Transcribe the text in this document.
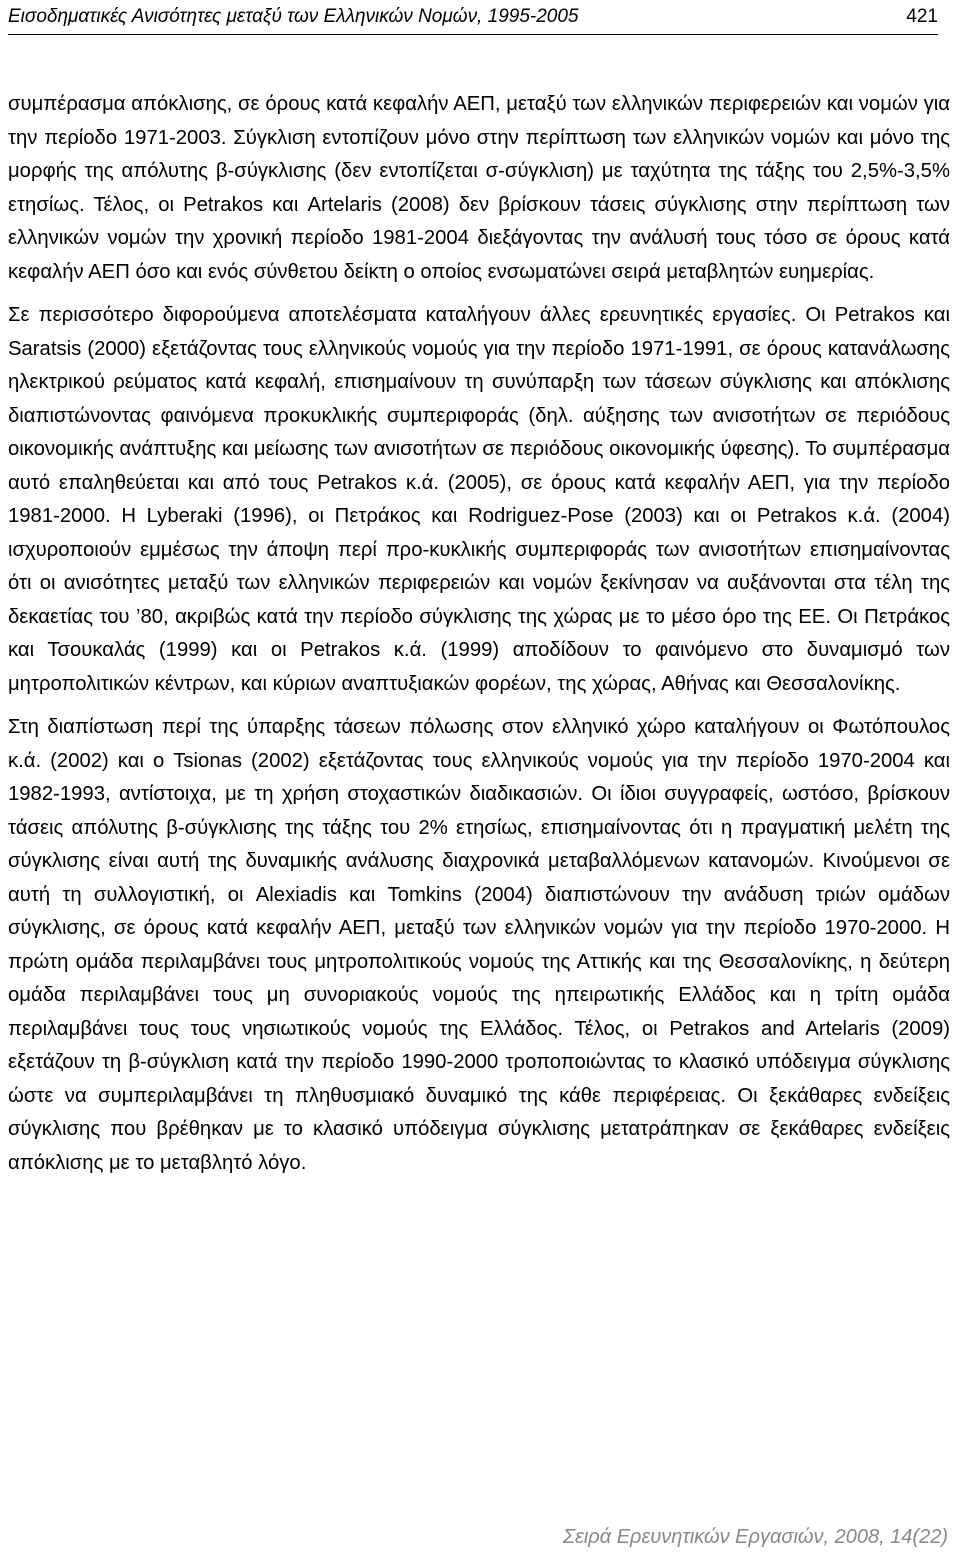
Εισοδηματικές Ανισότητες μεταξύ των Ελληνικών Νομών, 1995-2005	421

συμπέρασμα απόκλισης, σε όρους κατά κεφαλήν ΑΕΠ, μεταξύ των ελληνικών περιφερειών και νομών για την περίοδο 1971-2003. Σύγκλιση εντοπίζουν μόνο στην περίπτωση των ελληνικών νομών και μόνο της μορφής της απόλυτης β-σύγκλισης (δεν εντοπίζεται σ-σύγκλιση) με ταχύτητα της τάξης του 2,5%-3,5% ετησίως. Τέλος, οι Petrakos και Artelaris (2008) δεν βρίσκουν τάσεις σύγκλισης στην περίπτωση των ελληνικών νομών την χρονική περίοδο 1981-2004 διεξάγοντας την ανάλυσή τους τόσο σε όρους κατά κεφαλήν ΑΕΠ όσο και ενός σύνθετου δείκτη ο οποίος ενσωματώνει σειρά μεταβλητών ευημερίας.

Σε περισσότερο διφορούμενα αποτελέσματα καταλήγουν άλλες ερευνητικές εργασίες. Οι Petrakos και Saratsis (2000) εξετάζοντας τους ελληνικούς νομούς για την περίοδο 1971-1991, σε όρους κατανάλωσης ηλεκτρικού ρεύματος κατά κεφαλή, επισημαίνουν τη συνύπαρξη των τάσεων σύγκλισης και απόκλισης διαπιστώνοντας φαινόμενα προκυκλικής συμπεριφοράς (δηλ. αύξησης των ανισοτήτων σε περιόδους οικονομικής ανάπτυξης και μείωσης των ανισοτήτων σε περιόδους οικονομικής ύφεσης). Το συμπέρασμα αυτό επαληθεύεται και από τους Petrakos κ.ά. (2005), σε όρους κατά κεφαλήν ΑΕΠ, για την περίοδο 1981-2000. Η Lyberaki (1996), οι Πετράκος και Rodriguez-Pose (2003) και οι Petrakos κ.ά. (2004) ισχυροποιούν εμμέσως την άποψη περί προ-κυκλικής συμπεριφοράς των ανισοτήτων επισημαίνοντας ότι οι ανισότητες μεταξύ των ελληνικών περιφερειών και νομών ξεκίνησαν να αυξάνονται στα τέλη της δεκαετίας του ’80, ακριβώς κατά την περίοδο σύγκλισης της χώρας με το μέσο όρο της ΕΕ. Οι Πετράκος και Τσουκαλάς (1999) και οι Petrakos κ.ά. (1999) αποδίδουν το φαινόμενο στο δυναμισμό των μητροπολιτικών κέντρων, και κύριων αναπτυξιακών φορέων, της χώρας, Αθήνας και Θεσσαλονίκης.

Στη διαπίστωση περί της ύπαρξης τάσεων πόλωσης στον ελληνικό χώρο καταλήγουν οι Φωτόπουλος κ.ά. (2002) και ο Tsionas (2002) εξετάζοντας τους ελληνικούς νομούς για την περίοδο 1970-2004 και 1982-1993, αντίστοιχα, με τη χρήση στοχαστικών διαδικασιών. Οι ίδιοι συγγραφείς, ωστόσο, βρίσκουν τάσεις απόλυτης β-σύγκλισης της τάξης του 2% ετησίως, επισημαίνοντας ότι η πραγματική μελέτη της σύγκλισης είναι αυτή της δυναμικής ανάλυσης διαχρονικά μεταβαλλόμενων κατανομών. Κινούμενοι σε αυτή τη συλλογιστική, οι Alexiadis και Tomkins (2004) διαπιστώνουν την ανάδυση τριών ομάδων σύγκλισης, σε όρους κατά κεφαλήν ΑΕΠ, μεταξύ των ελληνικών νομών για την περίοδο 1970-2000. Η πρώτη ομάδα περιλαμβάνει τους μητροπολιτικούς νομούς της Αττικής και της Θεσσαλονίκης, η δεύτερη ομάδα περιλαμβάνει τους μη συνοριακούς νομούς της ηπειρωτικής Ελλάδος και η τρίτη ομάδα περιλαμβάνει τους τους νησιωτικούς νομούς της Ελλάδος. Τέλος, οι Petrakos and Artelaris (2009) εξετάζουν τη β-σύγκλιση κατά την περίοδο 1990-2000 τροποποιώντας το κλασικό υπόδειγμα σύγκλισης ώστε να συμπεριλαμβάνει τη πληθυσμιακό δυναμικό της κάθε περιφέρειας. Οι ξεκάθαρες ενδείξεις σύγκλισης που βρέθηκαν με το κλασικό υπόδειγμα σύγκλισης μετατράπηκαν σε ξεκάθαρες ενδείξεις απόκλισης με το μεταβλητό λόγο.

Σειρά Ερευνητικών Εργασιών, 2008, 14(22)
